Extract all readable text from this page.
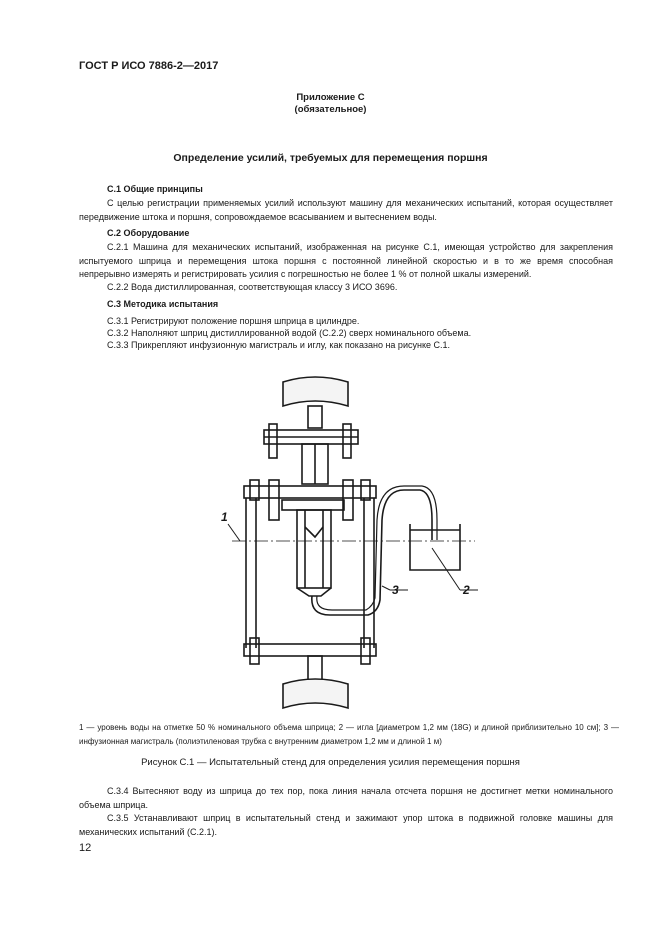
ГОСТ Р ИСО 7886-2—2017
Приложение С
(обязательное)
Определение усилий, требуемых для перемещения поршня
С.1 Общие принципы
С целью регистрации применяемых усилий используют машину для механических испытаний, которая осуществляет передвижение штока и поршня, сопровождаемое всасыванием и вытеснением воды.
С.2 Оборудование
С.2.1 Машина для механических испытаний, изображенная на рисунке С.1, имеющая устройство для закрепления испытуемого шприца и перемещения штока поршня с постоянной линейной скоростью и в то же время способная непрерывно измерять и регистрировать усилия с погрешностью не более 1 % от полной шкалы измерений.
С.2.2 Вода дистиллированная, соответствующая классу 3 ИСО 3696.
С.3 Методика испытания
С.3.1 Регистрируют положение поршня шприца в цилиндре.
С.3.2 Наполняют шприц дистиллированной водой (С.2.2) сверх номинального объема.
С.3.3 Прикрепляют инфузионную магистраль и иглу, как показано на рисунке С.1.
1
2
3
1 — уровень воды на отметке 50 % номинального объема шприца; 2 — игла [диаметром 1,2 мм (18G) и длиной приблизительно 10 см]; 3 — инфузионная магистраль (полиэтиленовая трубка с внутренним диаметром 1,2 мм и длиной 1 м)
Рисунок С.1 — Испытательный стенд для определения усилия перемещения поршня
С.3.4 Вытесняют воду из шприца до тех пор, пока линия начала отсчета поршня не достигнет метки номинального объема шприца.
С.3.5 Устанавливают шприц в испытательный стенд и зажимают упор штока в подвижной головке машины для механических испытаний (С.2.1).
12
